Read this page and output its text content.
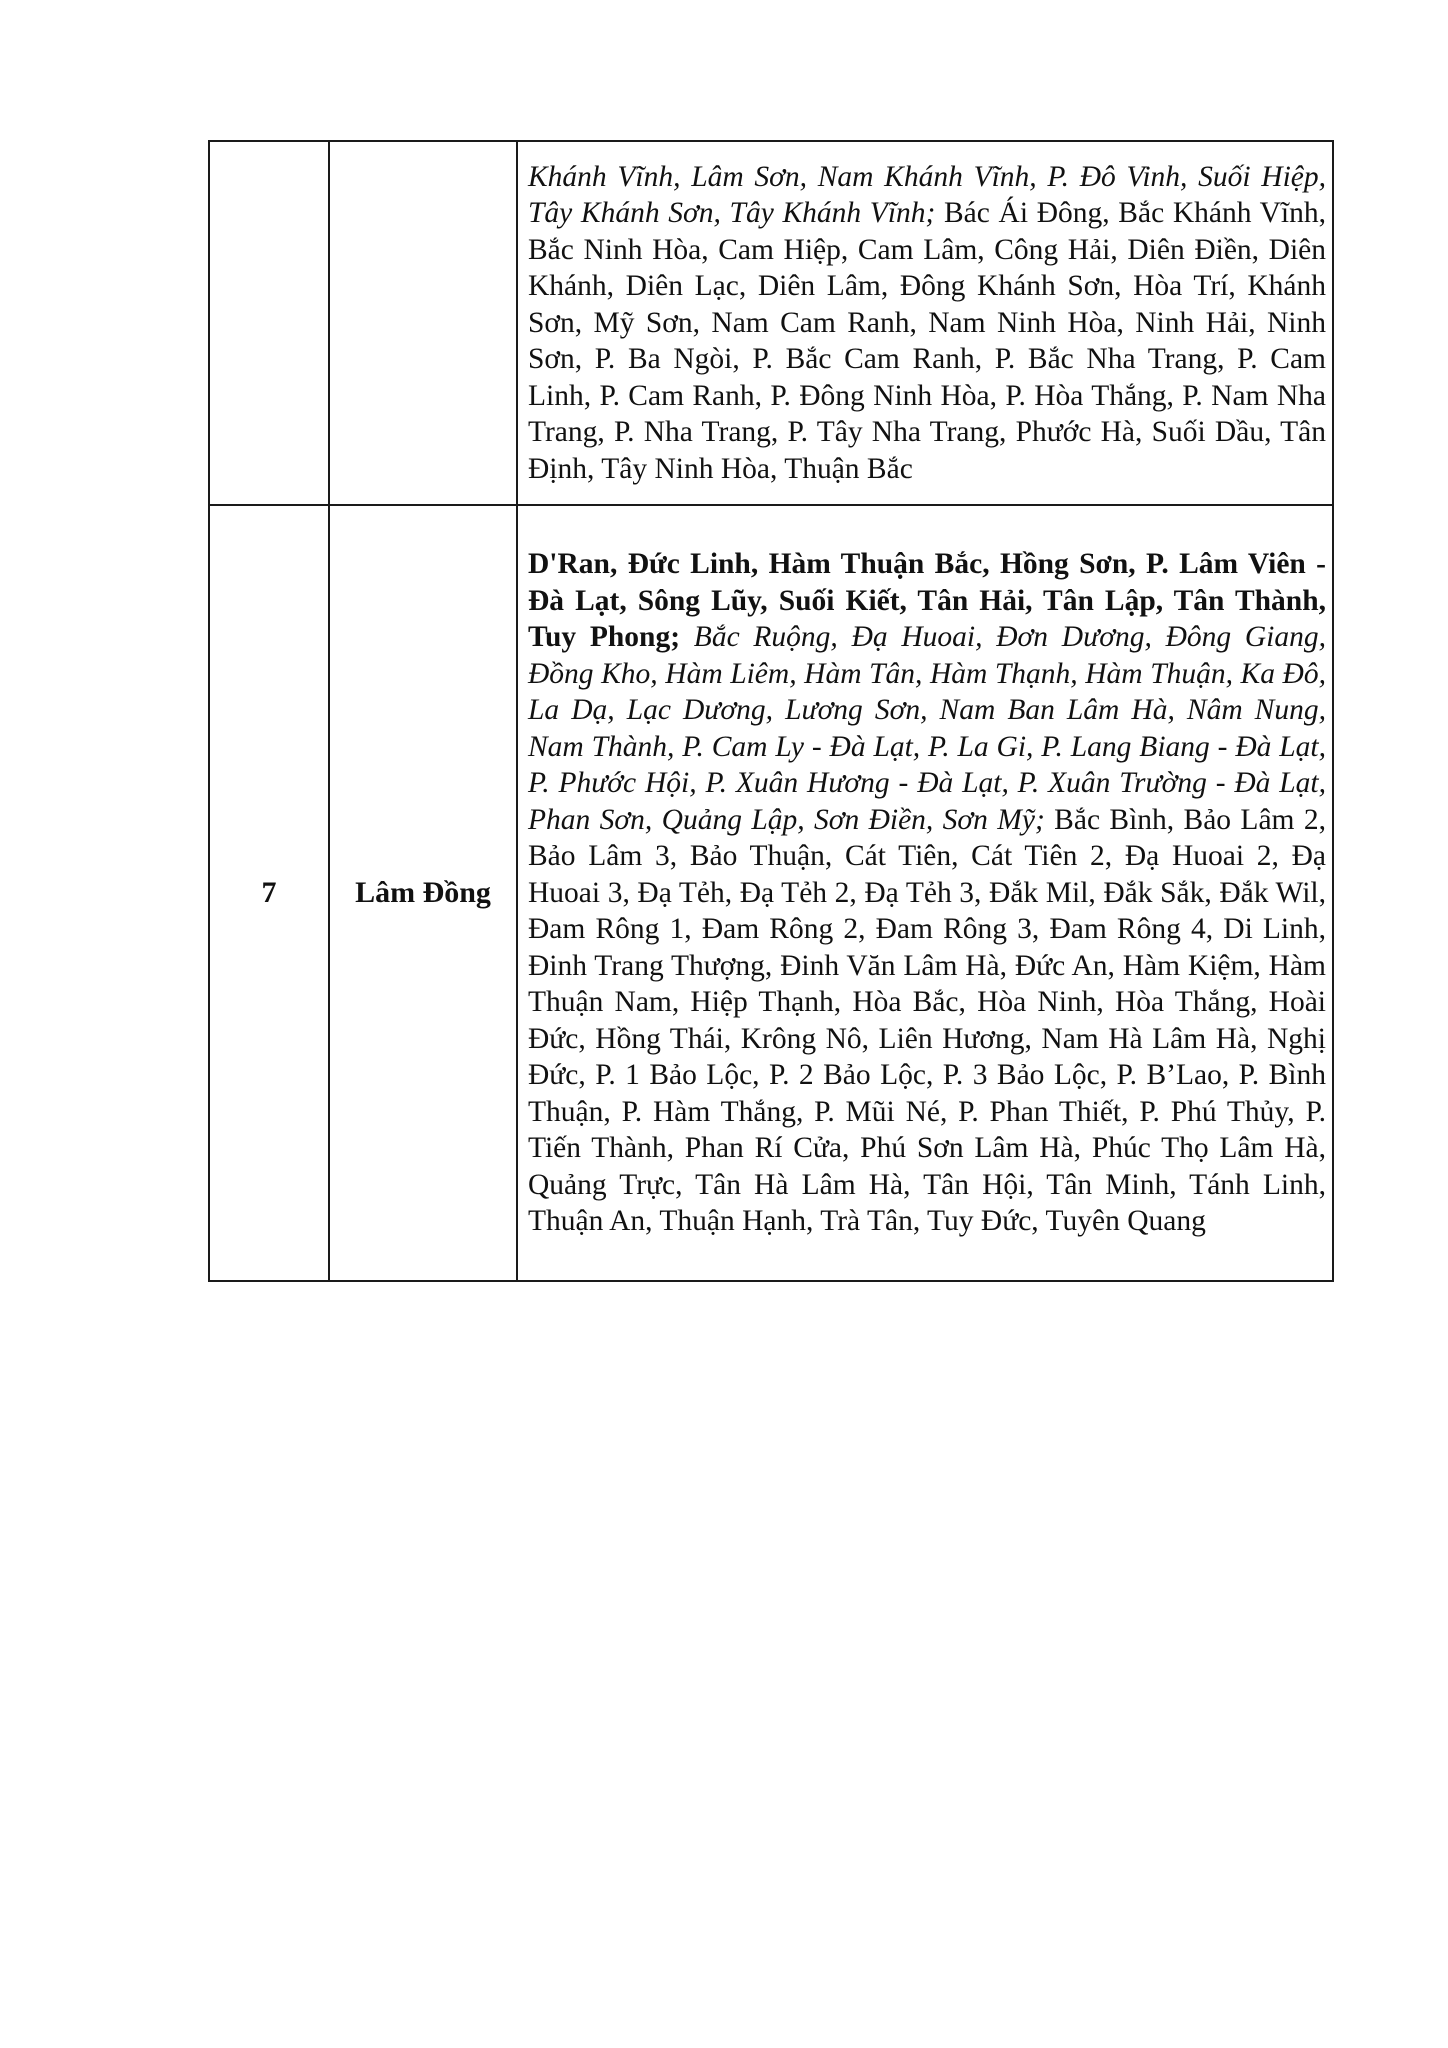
		Khánh Vĩnh, Lâm Sơn, Nam Khánh Vĩnh, P. Đô Vinh, Suối Hiệp, Tây Khánh Sơn, Tây Khánh Vĩnh; Bác Ái Đông, Bắc Khánh Vĩnh, Bắc Ninh Hòa, Cam Hiệp, Cam Lâm, Công Hải, Diên Điền, Diên Khánh, Diên Lạc, Diên Lâm, Đông Khánh Sơn, Hòa Trí, Khánh Sơn, Mỹ Sơn, Nam Cam Ranh, Nam Ninh Hòa, Ninh Hải, Ninh Sơn, P. Ba Ngòi, P. Bắc Cam Ranh, P. Bắc Nha Trang, P. Cam Linh, P. Cam Ranh, P. Đông Ninh Hòa, P. Hòa Thắng, P. Nam Nha Trang, P. Nha Trang, P. Tây Nha Trang, Phước Hà, Suối Dầu, Tân Định, Tây Ninh Hòa, Thuận Bắc
7	Lâm Đồng	D'Ran, Đức Linh, Hàm Thuận Bắc, Hồng Sơn, P. Lâm Viên - Đà Lạt, Sông Lũy, Suối Kiết, Tân Hải, Tân Lập, Tân Thành, Tuy Phong; Bắc Ruộng, Đạ Huoai, Đơn Dương, Đông Giang, Đồng Kho, Hàm Liêm, Hàm Tân, Hàm Thạnh, Hàm Thuận, Ka Đô, La Dạ, Lạc Dương, Lương Sơn, Nam Ban Lâm Hà, Nâm Nung, Nam Thành, P. Cam Ly - Đà Lạt, P. La Gi, P. Lang Biang - Đà Lạt, P. Phước Hội, P. Xuân Hương - Đà Lạt, P. Xuân Trường - Đà Lạt, Phan Sơn, Quảng Lập, Sơn Điền, Sơn Mỹ; Bắc Bình, Bảo Lâm 2, Bảo Lâm 3, Bảo Thuận, Cát Tiên, Cát Tiên 2, Đạ Huoai 2, Đạ Huoai 3, Đạ Tẻh, Đạ Tẻh 2, Đạ Tẻh 3, Đắk Mil, Đắk Sắk, Đắk Wil, Đam Rông 1, Đam Rông 2, Đam Rông 3, Đam Rông 4, Di Linh, Đinh Trang Thượng, Đinh Văn Lâm Hà, Đức An, Hàm Kiệm, Hàm Thuận Nam, Hiệp Thạnh, Hòa Bắc, Hòa Ninh, Hòa Thắng, Hoài Đức, Hồng Thái, Krông Nô, Liên Hương, Nam Hà Lâm Hà, Nghị Đức, P. 1 Bảo Lộc, P. 2 Bảo Lộc, P. 3 Bảo Lộc, P. B’Lao, P. Bình Thuận, P. Hàm Thắng, P. Mũi Né, P. Phan Thiết, P. Phú Thủy, P. Tiến Thành, Phan Rí Cửa, Phú Sơn Lâm Hà, Phúc Thọ Lâm Hà, Quảng Trực, Tân Hà Lâm Hà, Tân Hội, Tân Minh, Tánh Linh, Thuận An, Thuận Hạnh, Trà Tân, Tuy Đức, Tuyên Quang
